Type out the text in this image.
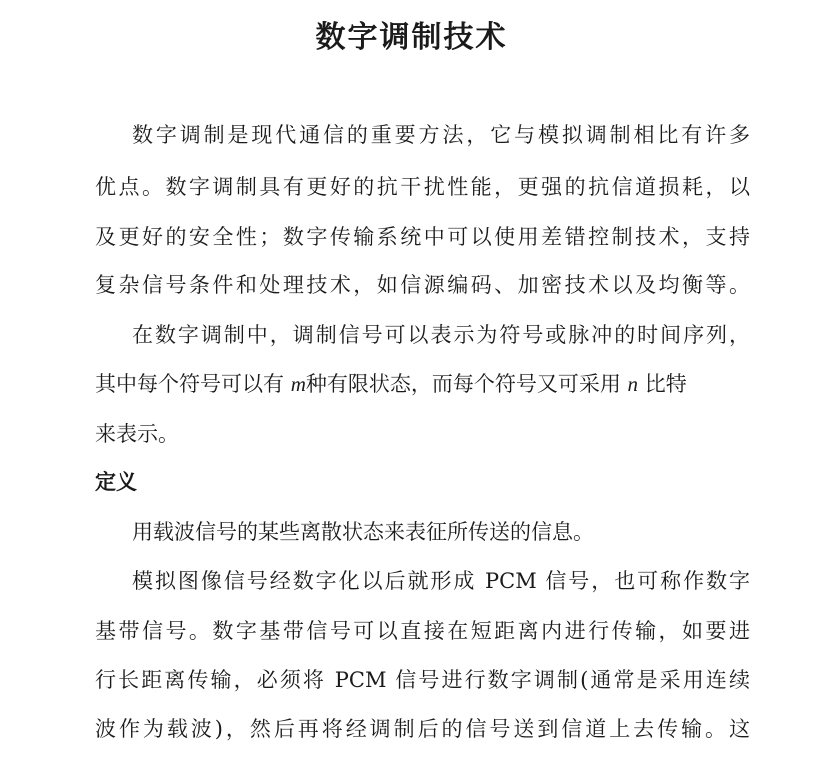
数字调制技术

数字调制是现代通信的重要方法，它与模拟调制相比有许多

优点。数字调制具有更好的抗干扰性能，更强的抗信道损耗，以

及更好的安全性；数字传输系统中可以使用差错控制技术，支持

复杂信号条件和处理技术，如信源编码、加密技术以及均衡等。

在数字调制中，调制信号可以表示为符号或脉冲的时间序列，

其中每个符号可以有 m种有限状态，而每个符号又可采用 n 比特

来表示。

定义

用载波信号的某些离散状态来表征所传送的信息。

模拟图像信号经数字化以后就形成 PCM 信号，也可称作数字

基带信号。数字基带信号可以直接在短距离内进行传输，如要进

行长距离传输，必须将 PCM 信号进行数字调制(通常是采用连续

波作为载波)，然后再将经调制后的信号送到信道上去传输。这
